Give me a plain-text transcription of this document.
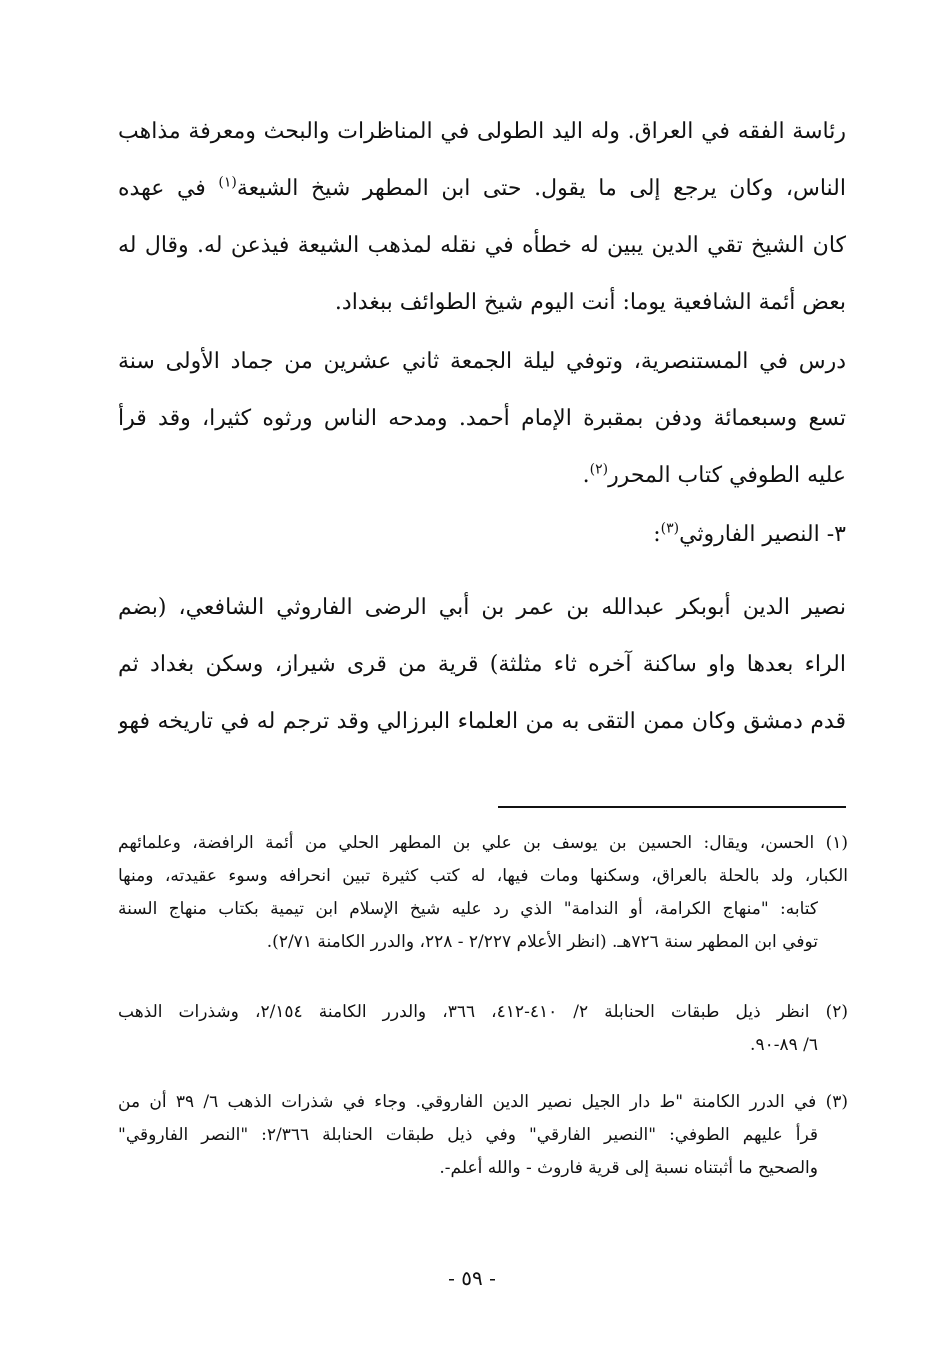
رئاسة الفقه في العراق. وله اليد الطولى في المناظرات والبحث ومعرفة مذاهب
الناس، وكان يرجع إلى ما يقول. حتى ابن المطهر شيخ الشيعة$^{(١)}$ في عهده
كان الشيخ تقي الدين يبين له خطأه في نقله لمذهب الشيعة فيذعن له. وقال له
بعض أئمة الشافعية يوما: أنت اليوم شيخ الطوائف ببغداد.
درس في المستنصرية، وتوفي ليلة الجمعة ثاني عشرين من جماد الأولى سنة
تسع وسبعمائة ودفن بمقبرة الإمام أحمد. ومدحه الناس ورثوه كثيرا، وقد قرأ
عليه الطوفي كتاب المحرر$^{(٢)}$.
٣- النصير الفاروثي$^{(٣)}$:
نصير الدين أبوبكر عبدالله بن عمر بن أبي الرضى الفاروثي الشافعي، (بضم
الراء بعدها واو ساكنة آخره ثاء مثلثة) قرية من قرى شيراز، وسكن بغداد ثم
قدم دمشق وكان ممن التقى به من العلماء البرزالي وقد ترجم له في تاريخه فهو
(١) الحسن، ويقال: الحسين بن يوسف بن علي بن المطهر الحلي من أئمة الرافضة، وعلمائهم
الكبار، ولد بالحلة بالعراق، وسكنها ومات فيها، له كتب كثيرة تبين انحرافه وسوء عقيدته، ومنها
كتابه: "منهاج الكرامة، أو الندامة" الذي رد عليه شيخ الإسلام ابن تيمية بكتاب منهاج السنة
توفي ابن المطهر سنة ٧٢٦هـ. (انظر الأعلام ٢/٢٢٧ - ٢٢٨، والدرر الكامنة ٢/٧١).
(٢) انظر ذيل طبقات الحنابلة ٢/ ٤١٠-٤١٢، ٣٦٦، والدرر الكامنة ٢/١٥٤، وشذرات الذهب
٦/ ٨٩-٩٠.
(٣) في الدرر الكامنة "ط دار الجيل نصير الدين الفاروقي. وجاء في شذرات الذهب ٦/ ٣٩ أن من
قرأ عليهم الطوفي: "النصير الفارقي" وفي ذيل طبقات الحنابلة ٢/٣٦٦: "النصر الفاروقي"
والصحيح ما أثبتناه نسبة إلى قرية فاروث - والله أعلم-.
- ٥٩ -
